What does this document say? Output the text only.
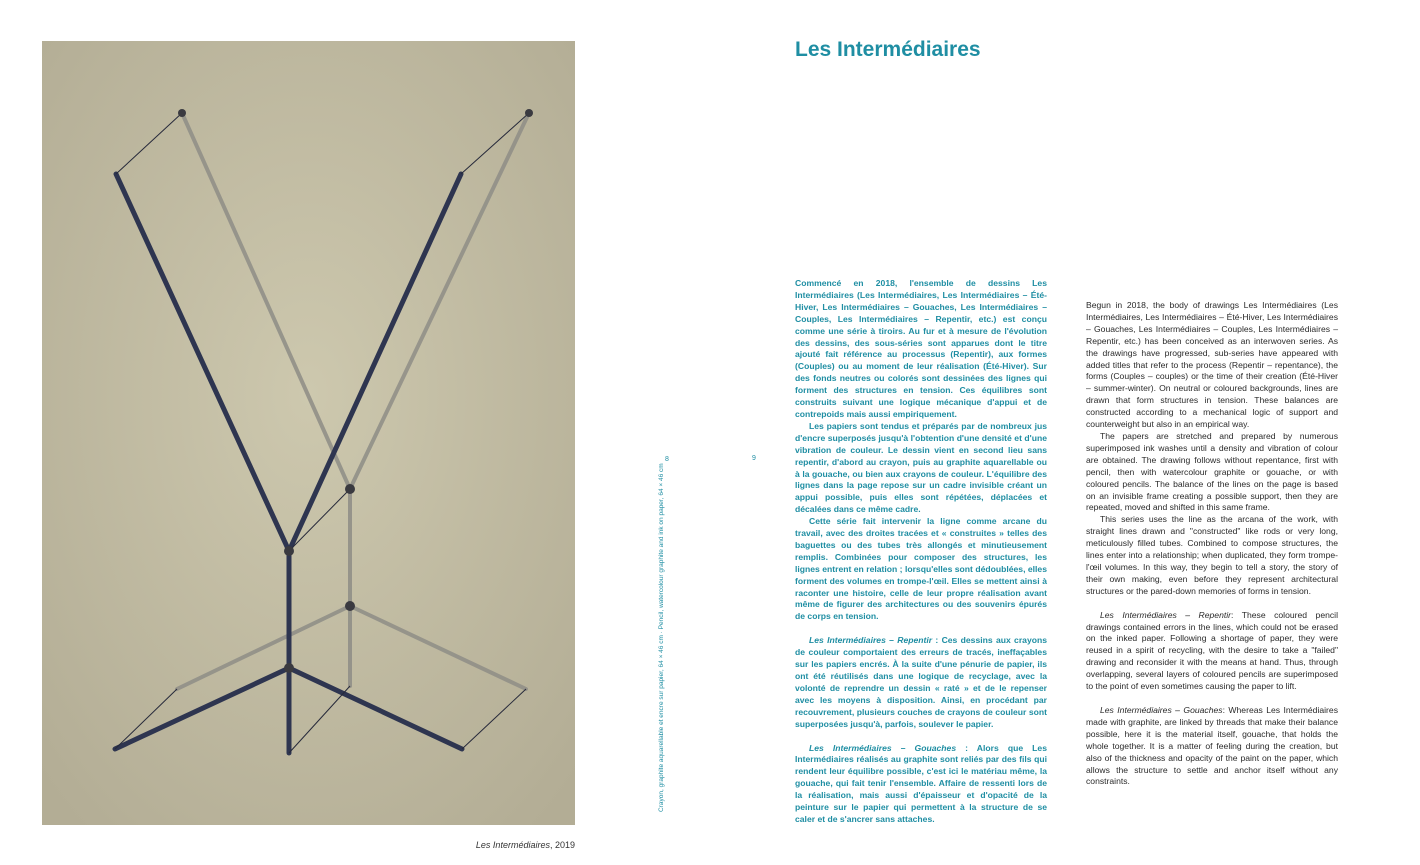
Les Intermédiaires, 2019
Crayon, graphite aquarellable et encre sur papier, 64 × 46 cm · Pencil, watercolour graphite and ink on paper, 64 × 46 cm
8	9
Les Intermédiaires

Commencé en 2018, l'ensemble de dessins Les Intermédiaires (Les Intermédiaires, Les Intermédiaires – Été-Hiver, Les Intermédiaires – Gouaches, Les Intermédiaires – Couples, Les Intermédiaires – Repentir, etc.) est conçu comme une série à tiroirs. Au fur et à mesure de l'évolution des dessins, des sous-séries sont apparues dont le titre ajouté fait référence au processus (Repentir), aux formes (Couples) ou au moment de leur réalisation (Été-Hiver). Sur des fonds neutres ou colorés sont dessinées des lignes qui forment des structures en tension. Ces équilibres sont construits suivant une logique mécanique d'appui et de contrepoids mais aussi empiriquement.

Les papiers sont tendus et préparés par de nombreux jus d'encre superposés jusqu'à l'obtention d'une densité et d'une vibration de couleur. Le dessin vient en second lieu sans repentir, d'abord au crayon, puis au graphite aquarellable ou à la gouache, ou bien aux crayons de couleur. L'équilibre des lignes dans la page repose sur un cadre invisible créant un appui possible, puis elles sont répétées, déplacées et décalées dans ce même cadre.

Cette série fait intervenir la ligne comme arcane du travail, avec des droites tracées et « construites » telles des baguettes ou des tubes très allongés et minutieusement remplis. Combinées pour composer des structures, les lignes entrent en relation ; lorsqu'elles sont dédoublées, elles forment des volumes en trompe-l'œil. Elles se mettent ainsi à raconter une histoire, celle de leur propre réalisation avant même de figurer des architectures ou des souvenirs épurés de corps en tension.

Les Intermédiaires – Repentir : Ces dessins aux crayons de couleur comportaient des erreurs de tracés, ineffaçables sur les papiers encrés. À la suite d'une pénurie de papier, ils ont été réutilisés dans une logique de recyclage, avec la volonté de reprendre un dessin « raté » et de le repenser avec les moyens à disposition. Ainsi, en procédant par recouvrement, plusieurs couches de crayons de couleur sont superposées jusqu'à, parfois, soulever le papier.

Les Intermédiaires – Gouaches : Alors que Les Intermédiaires réalisés au graphite sont reliés par des fils qui rendent leur équilibre possible, c'est ici le matériau même, la gouache, qui fait tenir l'ensemble. Affaire de ressenti lors de la réalisation, mais aussi d'épaisseur et d'opacité de la peinture sur le papier qui permettent à la structure de se caler et de s'ancrer sans attaches.

Begun in 2018, the body of drawings Les Intermédiaires (Les Intermédiaires, Les Intermédiaires – Été-Hiver, Les Intermédiaires – Gouaches, Les Intermédiaires – Couples, Les Intermédiaires – Repentir, etc.) has been conceived as an interwoven series. As the drawings have progressed, sub-series have appeared with added titles that refer to the process (Repentir – repentance), the forms (Couples – couples) or the time of their creation (Été-Hiver – summer-winter). On neutral or coloured backgrounds, lines are drawn that form structures in tension. These balances are constructed according to a mechanical logic of support and counterweight but also in an empirical way.

The papers are stretched and prepared by numerous superimposed ink washes until a density and vibration of colour are obtained. The drawing follows without repentance, first with pencil, then with watercolour graphite or gouache, or with coloured pencils. The balance of the lines on the page is based on an invisible frame creating a possible support, then they are repeated, moved and shifted in this same frame.

This series uses the line as the arcana of the work, with straight lines drawn and "constructed" like rods or very long, meticulously filled tubes. Combined to compose structures, the lines enter into a relationship; when duplicated, they form trompe-l'œil volumes. In this way, they begin to tell a story, the story of their own making, even before they represent architectural structures or the pared-down memories of forms in tension.

Les Intermédiaires – Repentir: These coloured pencil drawings contained errors in the lines, which could not be erased on the inked paper. Following a shortage of paper, they were reused in a spirit of recycling, with the desire to take a "failed" drawing and reconsider it with the means at hand. Thus, through overlapping, several layers of coloured pencils are superimposed to the point of even sometimes causing the paper to lift.

Les Intermédiaires – Gouaches: Whereas Les Intermédiaires made with graphite, are linked by threads that make their balance possible, here it is the material itself, gouache, that holds the whole together. It is a matter of feeling during the creation, but also of the thickness and opacity of the paint on the paper, which allows the structure to settle and anchor itself without any constraints.
